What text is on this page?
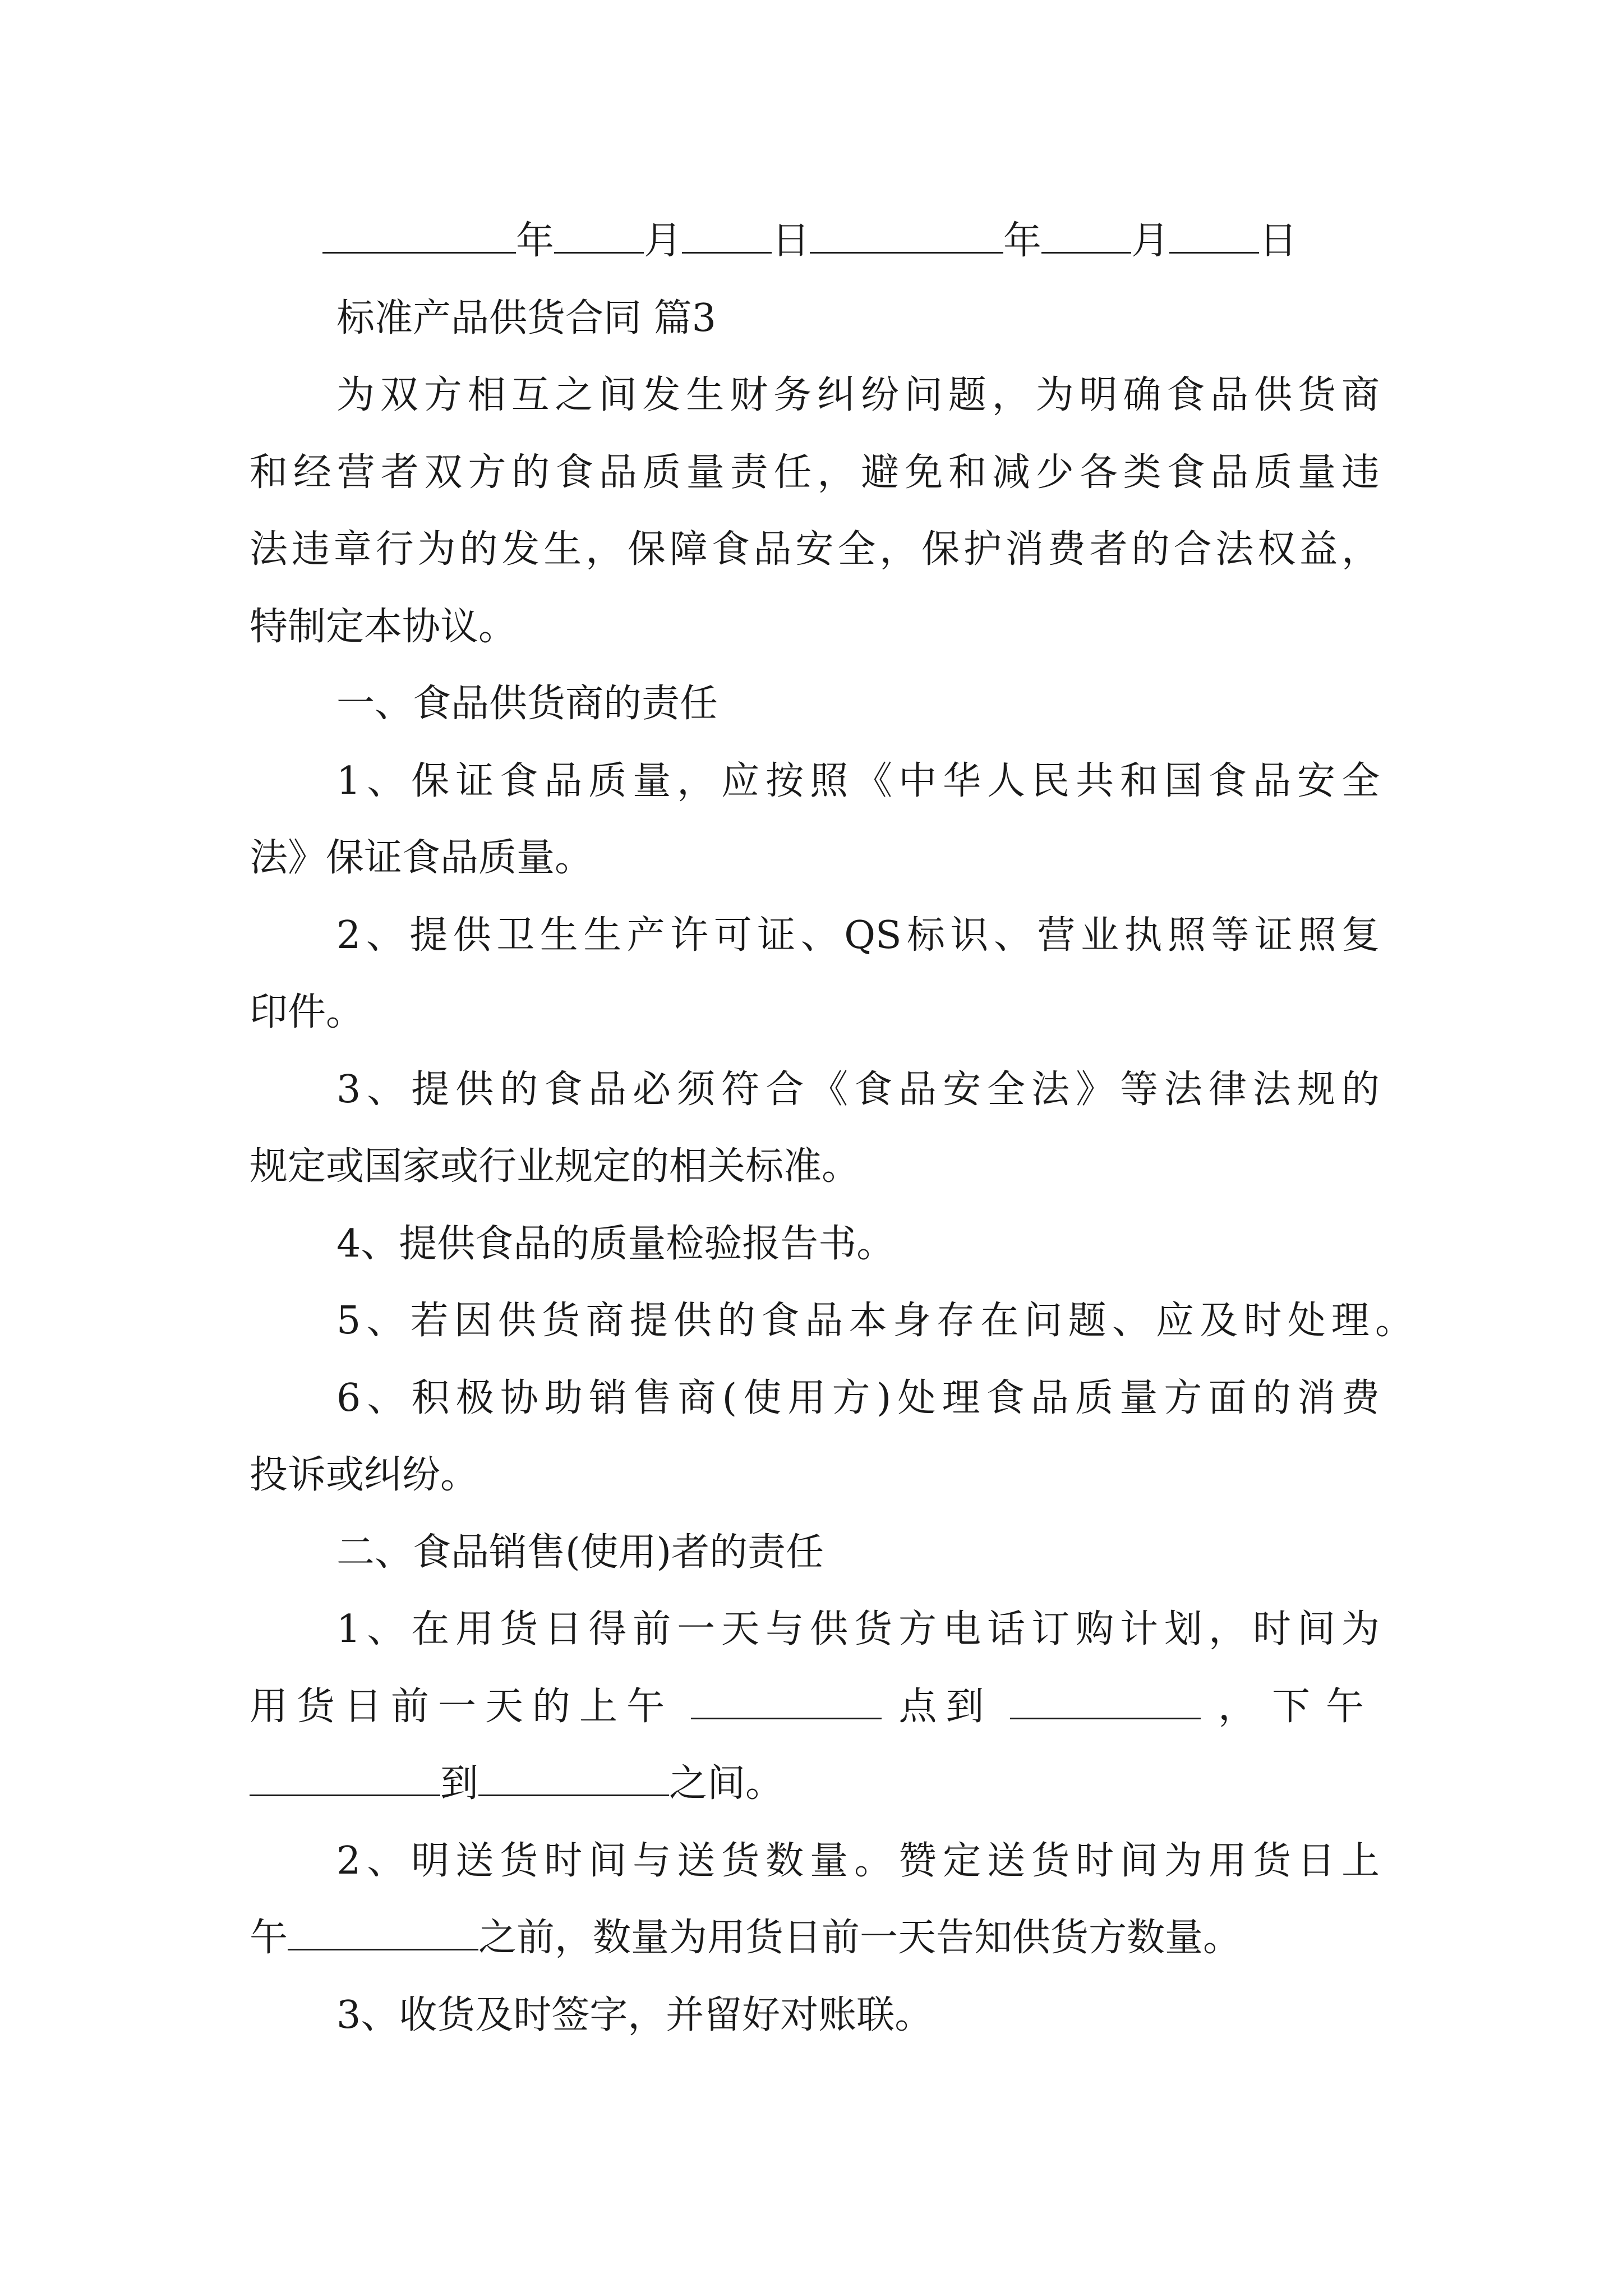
年 月 日	年 月 日
标准产品供货合同 篇3
为双方相互之间发生财务纠纷问题，为明确食品供货商
和经营者双方的食品质量责任，避免和减少各类食品质量违
法违章行为的发生，保障食品安全，保护消费者的合法权益，
特制定本协议。
一、食品供货商的责任
1、保证食品质量，应按照《中华人民共和国食品安全
法》保证食品质量。
2、提供卫生生产许可证、QS标识、营业执照等证照复
印件。
3、提供的食品必须符合《食品安全法》等法律法规的
规定或国家或行业规定的相关标准。
4、提供食品的质量检验报告书。
5、若因供货商提供的食品本身存在问题、应及时处理。
6、积极协助销售商(使用方)处理食品质量方面的消费
投诉或纠纷。
二、食品销售(使用)者的责任
1、在用货日得前一天与供货方电话订购计划，时间为
用货日前一天的上午	点到	，下午
到	之间。
2、明送货时间与送货数量。赞定送货时间为用货日上
午	之前，数量为用货日前一天告知供货方数量。
3、收货及时签字，并留好对账联。
